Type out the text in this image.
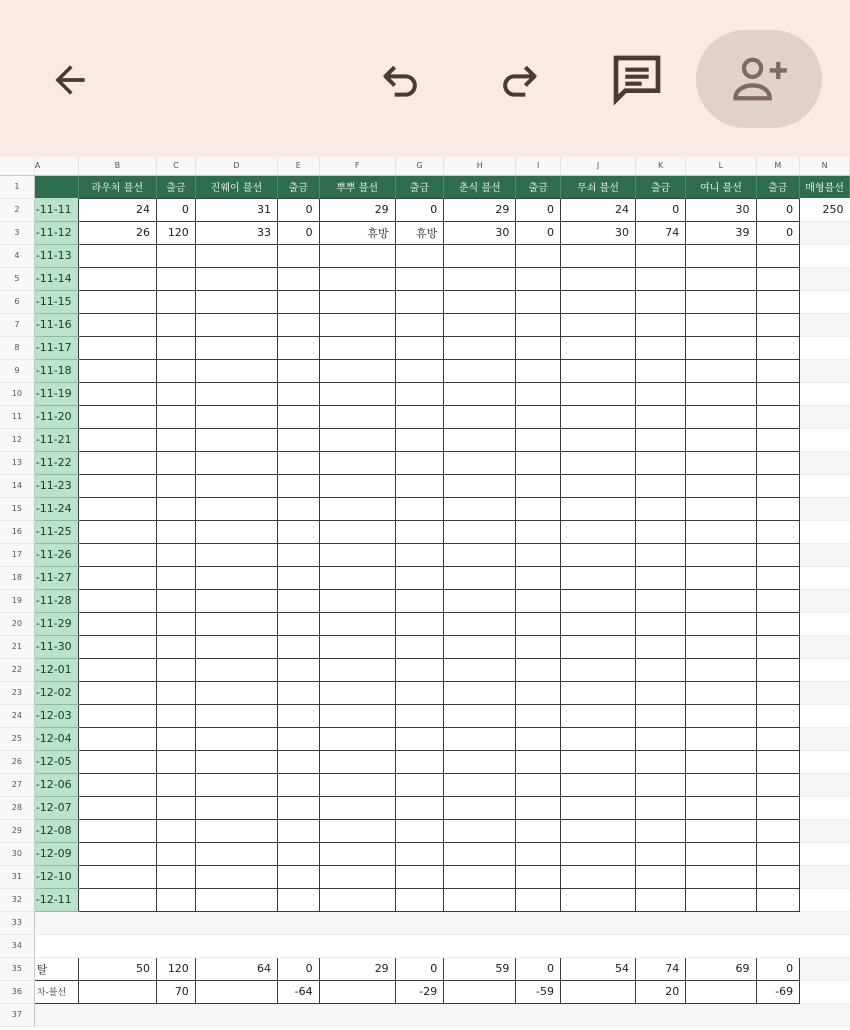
	A	B	C	D	E	F	G	H	I	J	K	L	M	N
1		라우처 블선	출금	진웨이 블선	출금	뿌뿌 블선	출금	춘식 블선	출금	무쇠 블선	출금	여니 블선	출금	매형블선
2	-11-11	24	0	31	0	29	0	29	0	24	0	30	0	250
3	-11-12	26	120	33	0	휴방	휴방	30	0	30	74	39	0	
4	-11-13													
5	-11-14													
6	-11-15													
7	-11-16													
8	-11-17													
9	-11-18													
10	-11-19													
11	-11-20													
12	-11-21													
13	-11-22													
14	-11-23													
15	-11-24													
16	-11-25													
17	-11-26													
18	-11-27													
19	-11-28													
20	-11-29													
21	-11-30													
22	-12-01													
23	-12-02													
24	-12-03													
25	-12-04													
26	-12-05													
27	-12-06													
28	-12-07													
29	-12-08													
30	-12-09													
31	-12-10													
32	-12-11													
33														
34														
35	탈	50	120	64	0	29	0	59	0	54	74	69	0	
36	차-블선		70		-64		-29		-59		20		-69	
37														
